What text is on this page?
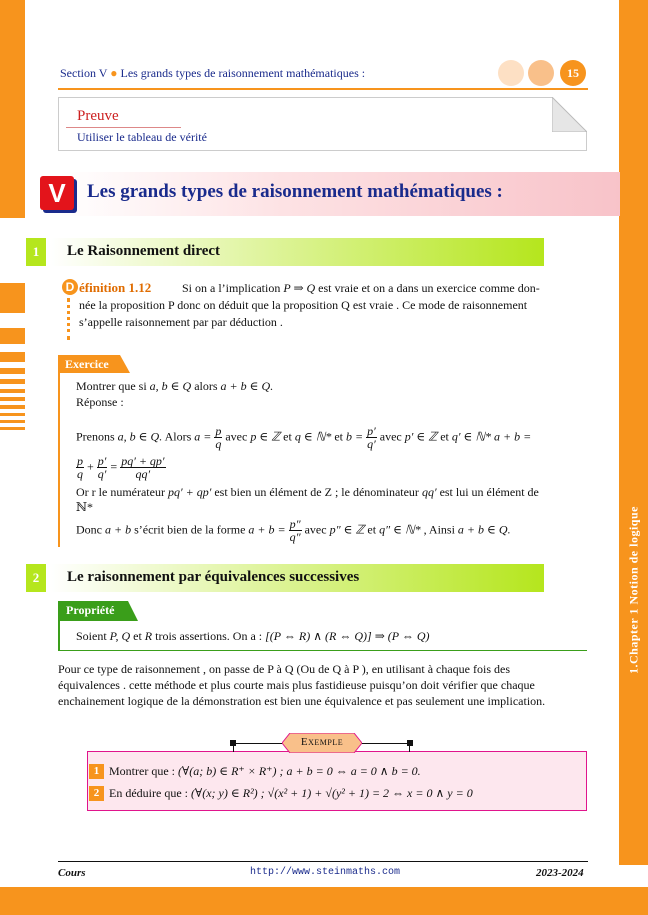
1.Chapter 1 Notion de logique
Section V ● Les grands types de raisonnement mathématiques :	15
Preuve
Utiliser le tableau de vérité
V	Les grands types de raisonnement mathématiques :
1	Le Raisonnement direct
D éfinition 1.12	Si on a l’implication P ⇒ Q est vraie et on a dans un exercice comme don-
née la proposition P donc on déduit que la proposition Q est vraie . Ce mode de raisonnement
s’appelle raisonnement par par déduction .
Exercice
Montrer que si a, b ∈ Q alors a + b ∈ Q.
Réponse :
Prenons a, b ∈ Q. Alors $a = \frac{p}{q}$ avec p ∈ ℤ et q ∈ ℕ* et $b = \frac{p'}{q'}$ avec p′ ∈ ℤ et q′ ∈ ℕ* a + b =
$\frac{p}{q} + \frac{p'}{q'} = \frac{pq' + qp'}{qq'}$
Or r le numérateur pq′ + qp′ est bien un élément de Z ; le dénominateur qq′ est lui un élément de
ℕ*
Donc a + b s’écrit bien de la forme $a + b = \frac{p''}{q''}$ avec p″ ∈ ℤ et q″ ∈ ℕ* , Ainsi a + b ∈ Q.
2	Le raisonnement par équivalences successives
Propriété
Soient P, Q et R trois assertions. On a : [(P ⇔ R) ∧ (R ⇔ Q)] ⇒ (P ⇔ Q)
Pour ce type de raisonnement , on passe de P à Q (Ou de Q à P ), en utilisant à chaque fois des
équivalences . cette méthode et plus courte mais plus fastidieuse puisqu’on doit vérifier que chaque
enchainement logique de la démonstration est bien une équivalence et pas seulement une implication.
Exemple
1 Montrer que : (∀(a; b) ∈ R⁺ × R⁺) ; a + b = 0 ⇔ a = 0 ∧ b = 0.
2 En déduire que : (∀(x; y) ∈ R²) ; √(x² + 1) + √(y² + 1) = 2 ⇔ x = 0 ∧ y = 0
Cours	http://www.steinmaths.com	2023-2024
